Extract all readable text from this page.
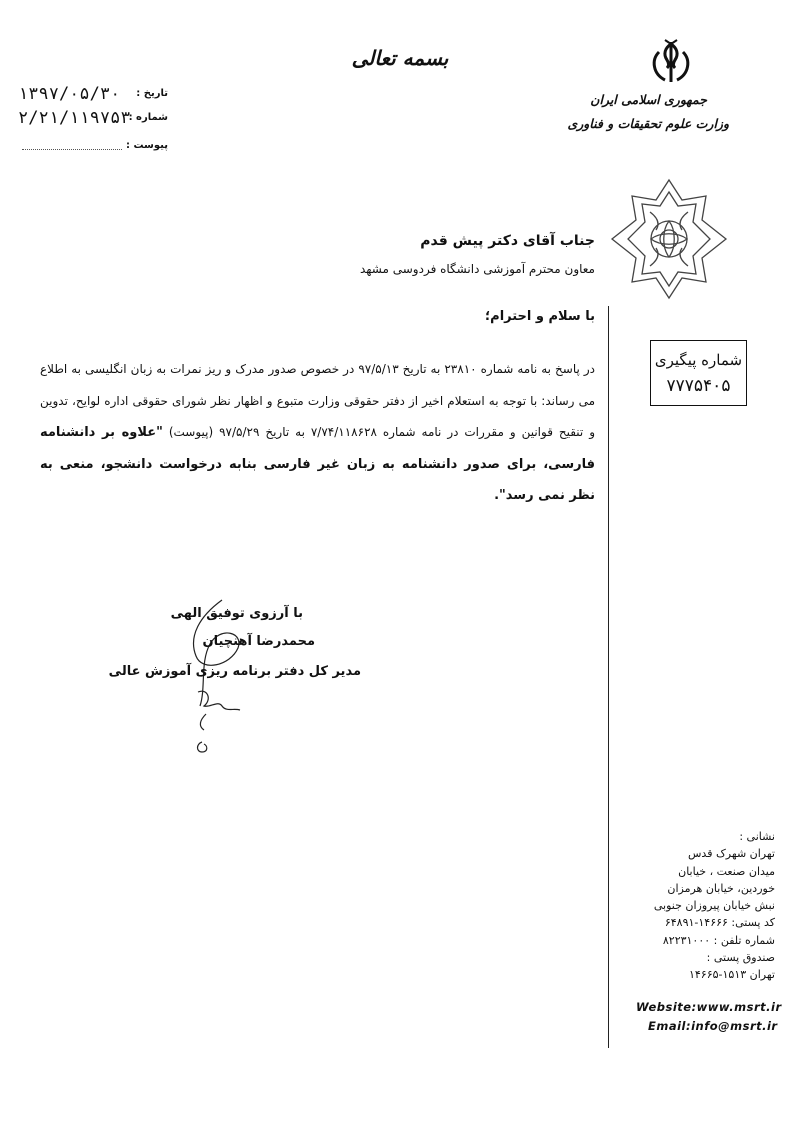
بسمه تعالی
جمهوری اسلامی ایران
وزارت علوم تحقیقات و فناوری
تاریخ :
۱۳۹۷/۰۵/۳۰
شماره :
۲/۲۱/۱۱۹۷۵۳
پیوست :
شماره پیگیری
۷۷۷۵۴۰۵
جناب آقای دکتر پیش قدم
معاون محترم آموزشی دانشگاه فردوسی مشهد
با سلام و احترام؛
در پاسخ به نامه شماره ۲۳۸۱۰ به تاریخ ۹۷/۵/۱۳ در خصوص صدور مدرک و ریز نمرات به زبان انگلیسی به اطلاع می رساند: با توجه به استعلام اخیر از دفتر حقوقی وزارت متبوع و اظهار نظر شورای حقوقی اداره لوایح، تدوین و تنقیح قوانین و مقررات در نامه شماره ۷/۷۴/۱۱۸۶۲۸ به تاریخ ۹۷/۵/۲۹ (پیوست) "علاوه بر دانشنامه فارسی، برای صدور دانشنامه به زبان غیر فارسی بنابه درخواست دانشجو، منعی به نظر نمی رسد".
با آرزوی توفیق الهی
محمدرضا آهنچیان
مدیر کل دفتر برنامه ریزی آموزش عالی
نشانی :
تهران شهرک قدس
میدان صنعت ، خیابان
خوردین، خیابان هرمزان
نبش خیابان پیروزان جنوبی
کد پستی: ۱۴۶۶۶-۶۴۸۹۱
شماره تلفن : ۸۲۲۳۱۰۰۰
صندوق پستی :
تهران ۱۵۱۳-۱۴۶۶۵
Website:www.msrt.ir
Email:info@msrt.ir
